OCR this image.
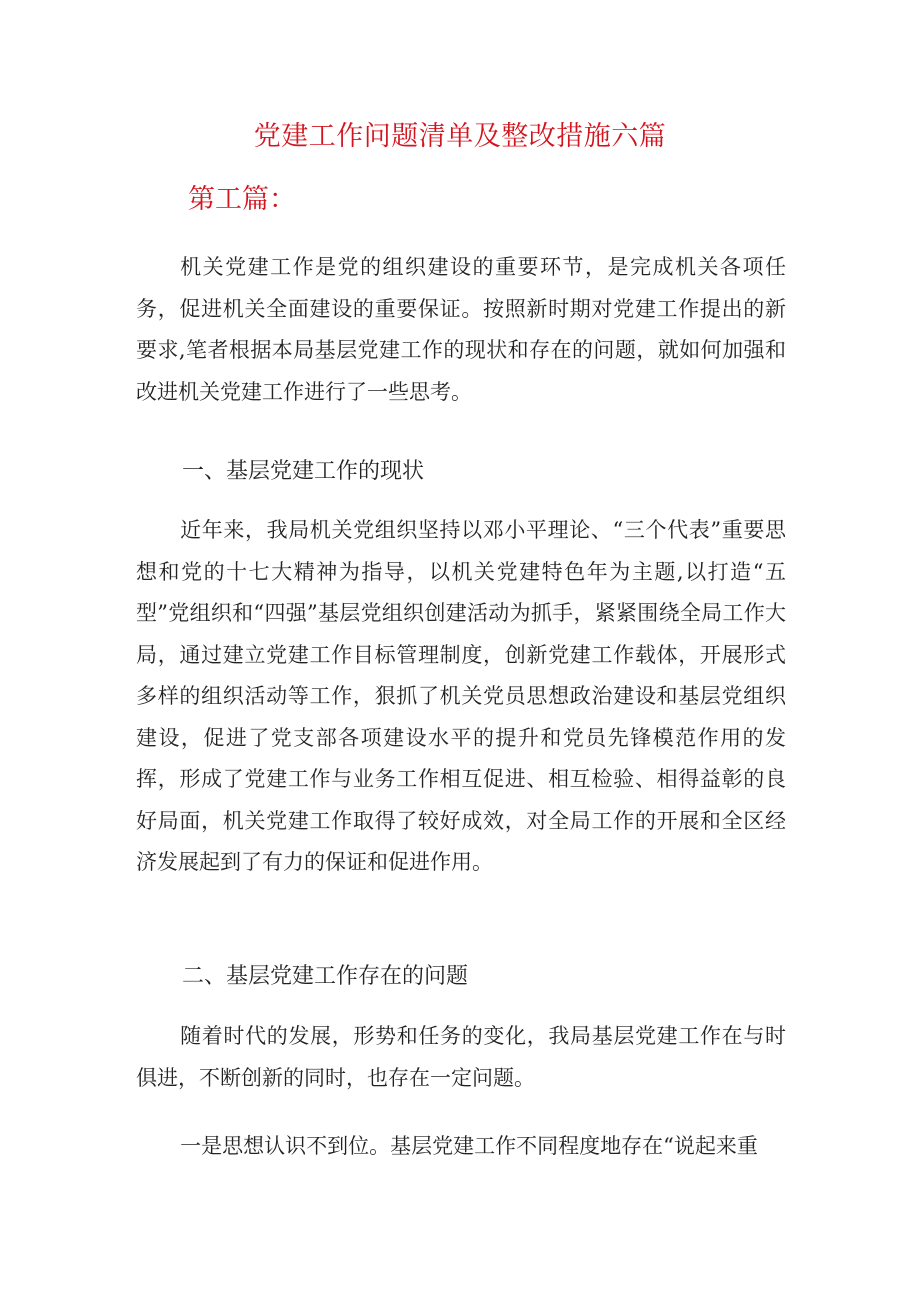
党建工作问题清单及整改措施六篇
第工篇：

机关党建工作是党的组织建设的重要环节，是完成机关各项任务，促进机关全面建设的重要保证。按照新时期对党建工作提出的新要求,笔者根据本局基层党建工作的现状和存在的问题，就如何加强和改进机关党建工作进行了一些思考。

一、基层党建工作的现状

近年来，我局机关党组织坚持以邓小平理论、“三个代表”重要思想和党的十七大精神为指导，以机关党建特色年为主题,以打造“五型”党组织和“四强”基层党组织创建活动为抓手，紧紧围绕全局工作大局，通过建立党建工作目标管理制度，创新党建工作载体，开展形式多样的组织活动等工作，狠抓了机关党员思想政治建设和基层党组织建设，促进了党支部各项建设水平的提升和党员先锋模范作用的发挥，形成了党建工作与业务工作相互促进、相互检验、相得益彰的良好局面，机关党建工作取得了较好成效，对全局工作的开展和全区经济发展起到了有力的保证和促进作用。

二、基层党建工作存在的问题

随着时代的发展，形势和任务的变化，我局基层党建工作在与时俱进，不断创新的同时，也存在一定问题。

一是思想认识不到位。基层党建工作不同程度地存在“说起来重
